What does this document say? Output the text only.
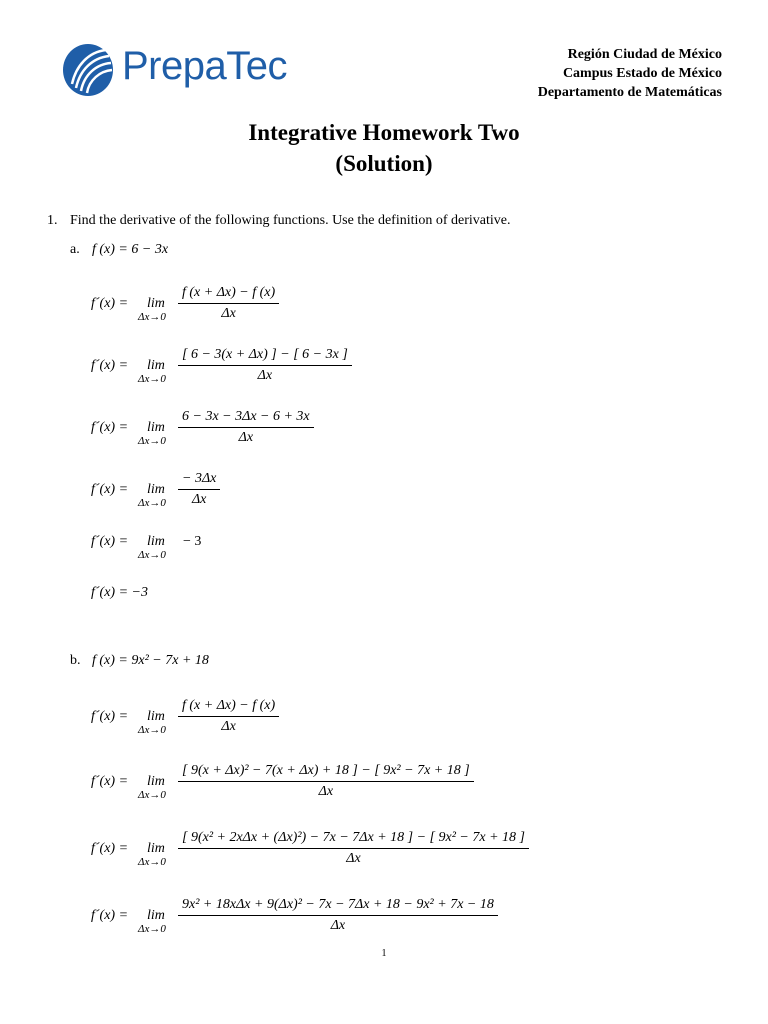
PrepaTec	Región Ciudad de México
Campus Estado de México
Departamento de Matemáticas
Integrative Homework Two
(Solution)
1. Find the derivative of the following functions. Use the definition of derivative.
a. f (x) = 6 − 3x
f´(x) = lim
$\Delta x\to 0 \frac{f (x + \Delta x) - f (x)}{\Delta x}$
f´(x) = lim
$\Delta x\to 0 \frac{[ 6 - 3(x + \Delta x) ] - [ 6 - 3x ]}{\Delta x}$
f´(x) = lim
$\Delta x\to 0 \frac{6 - 3x - 3\Delta x - 6 + 3x}{\Delta x}$
f´(x) = lim
$\Delta x\to 0 \frac{- 3\Delta x}{\Delta x}$
f´(x) = lim
Δx→0
− 3
f´(x) = −3
b. f (x) = 9x² − 7x + 18
f´(x) = lim
$\Delta x\to 0 \frac{f (x + \Delta x) - f (x)}{\Delta x}$
f´(x) = lim
$\Delta x\to 0 \frac{\text{[ 9(x + Δx)² − 7(x + Δx) + 18 ] − [ 9x² − 7x + 18 ]}}{\Delta x}$
f´(x) = lim
Δx→0
[ 9(x² + 2xΔx + (Δx)²) − 7x − 7Δx + 18 ] − [ 9x² − 7x + 18 ]
Δx
f´(x) = lim
Δx→0
9x² + 18xΔx + 9(Δx)² − 7x − 7Δx + 18 − 9x² + 7x − 18
Δx
1
